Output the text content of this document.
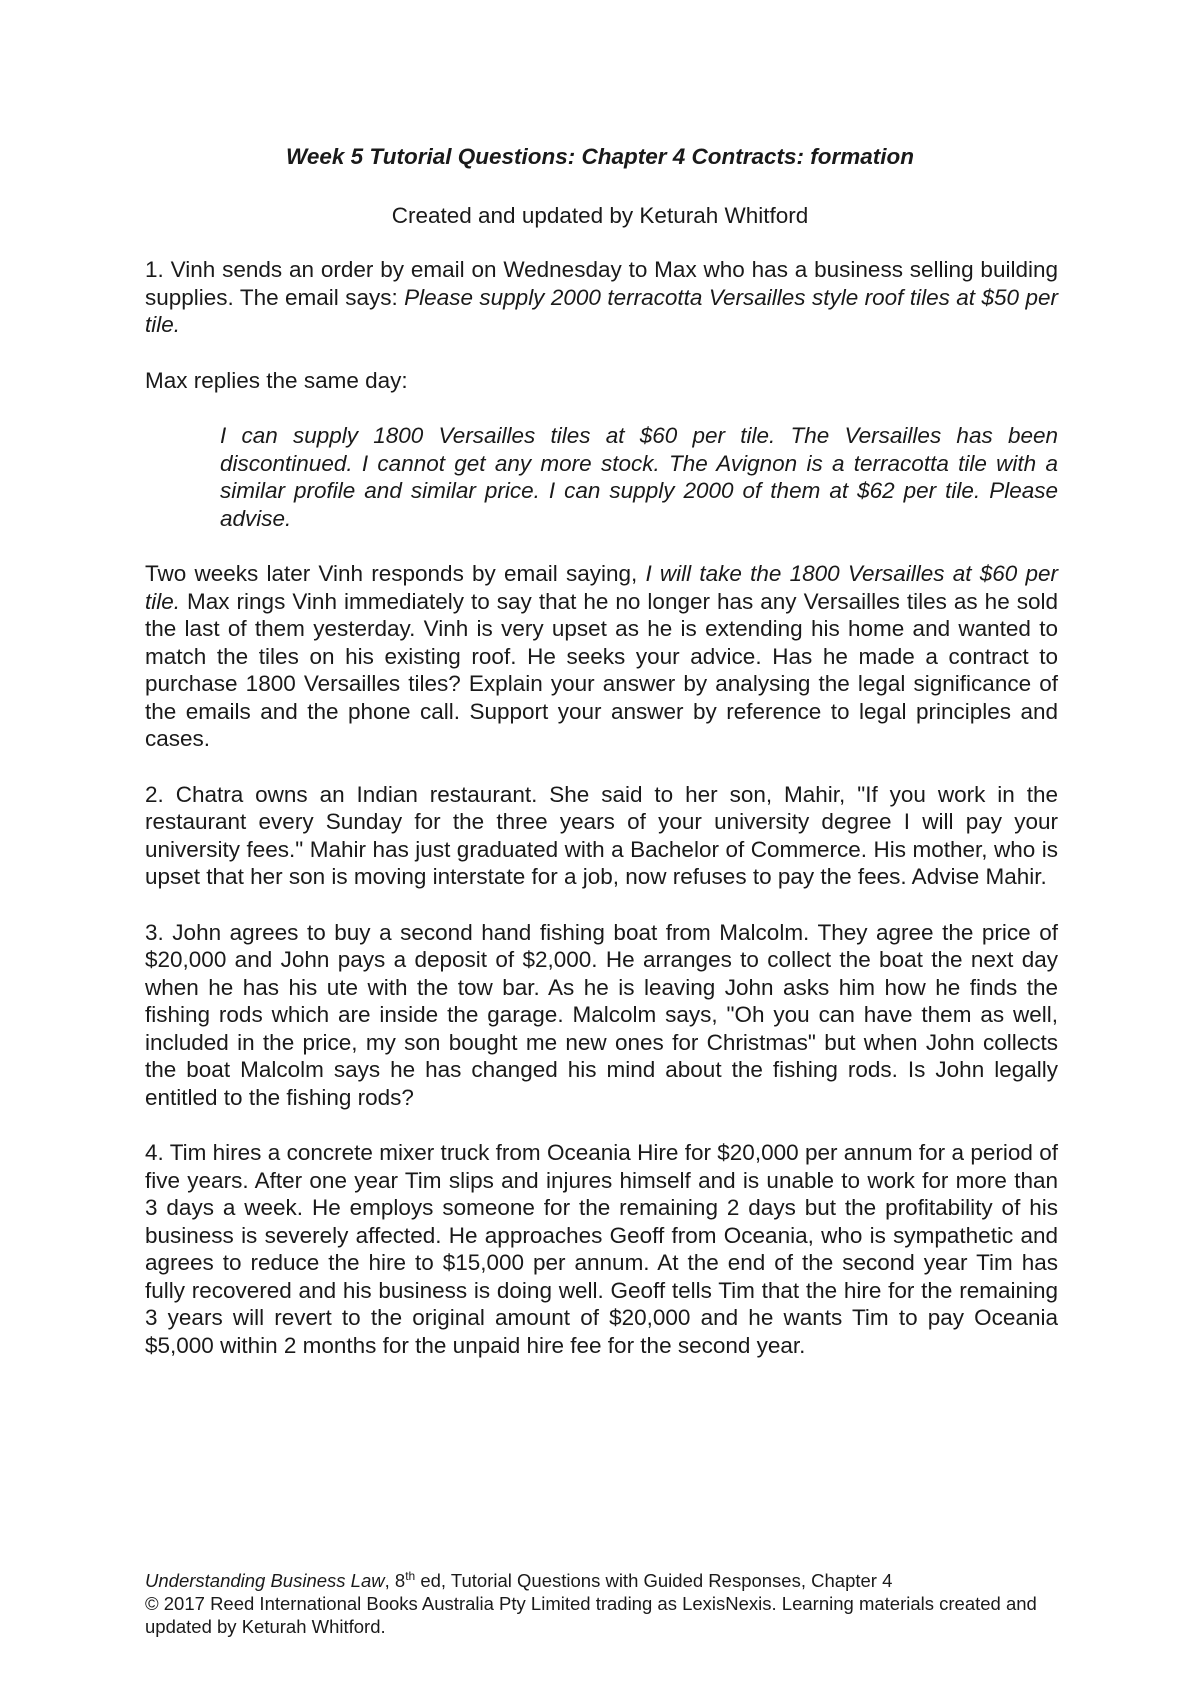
Week 5 Tutorial Questions: Chapter 4 Contracts: formation
Created and updated by Keturah Whitford

1. Vinh sends an order by email on Wednesday to Max who has a business selling building supplies. The email says: Please supply 2000 terracotta Versailles style roof tiles at $50 per tile.

Max replies the same day:

I can supply 1800 Versailles tiles at $60 per tile. The Versailles has been discontinued. I cannot get any more stock. The Avignon is a terracotta tile with a similar profile and similar price. I can supply 2000 of them at $62 per tile. Please advise.

Two weeks later Vinh responds by email saying, I will take the 1800 Versailles at $60 per tile. Max rings Vinh immediately to say that he no longer has any Versailles tiles as he sold the last of them yesterday. Vinh is very upset as he is extending his home and wanted to match the tiles on his existing roof. He seeks your advice. Has he made a contract to purchase 1800 Versailles tiles? Explain your answer by analysing the legal significance of the emails and the phone call. Support your answer by reference to legal principles and cases.

2. Chatra owns an Indian restaurant. She said to her son, Mahir, "If you work in the restaurant every Sunday for the three years of your university degree I will pay your university fees." Mahir has just graduated with a Bachelor of Commerce. His mother, who is upset that her son is moving interstate for a job, now refuses to pay the fees. Advise Mahir.

3. John agrees to buy a second hand fishing boat from Malcolm. They agree the price of $20,000 and John pays a deposit of $2,000. He arranges to collect the boat the next day when he has his ute with the tow bar. As he is leaving John asks him how he finds the fishing rods which are inside the garage. Malcolm says, "Oh you can have them as well, included in the price, my son bought me new ones for Christmas" but when John collects the boat Malcolm says he has changed his mind about the fishing rods. Is John legally entitled to the fishing rods?

4. Tim hires a concrete mixer truck from Oceania Hire for $20,000 per annum for a period of five years. After one year Tim slips and injures himself and is unable to work for more than 3 days a week. He employs someone for the remaining 2 days but the profitability of his business is severely affected. He approaches Geoff from Oceania, who is sympathetic and agrees to reduce the hire to $15,000 per annum. At the end of the second year Tim has fully recovered and his business is doing well. Geoff tells Tim that the hire for the remaining 3 years will revert to the original amount of $20,000 and he wants Tim to pay Oceania $5,000 within 2 months for the unpaid hire fee for the second year.

Understanding Business Law, 8th ed, Tutorial Questions with Guided Responses, Chapter 4
© 2017 Reed International Books Australia Pty Limited trading as LexisNexis. Learning materials created and updated by Keturah Whitford.
